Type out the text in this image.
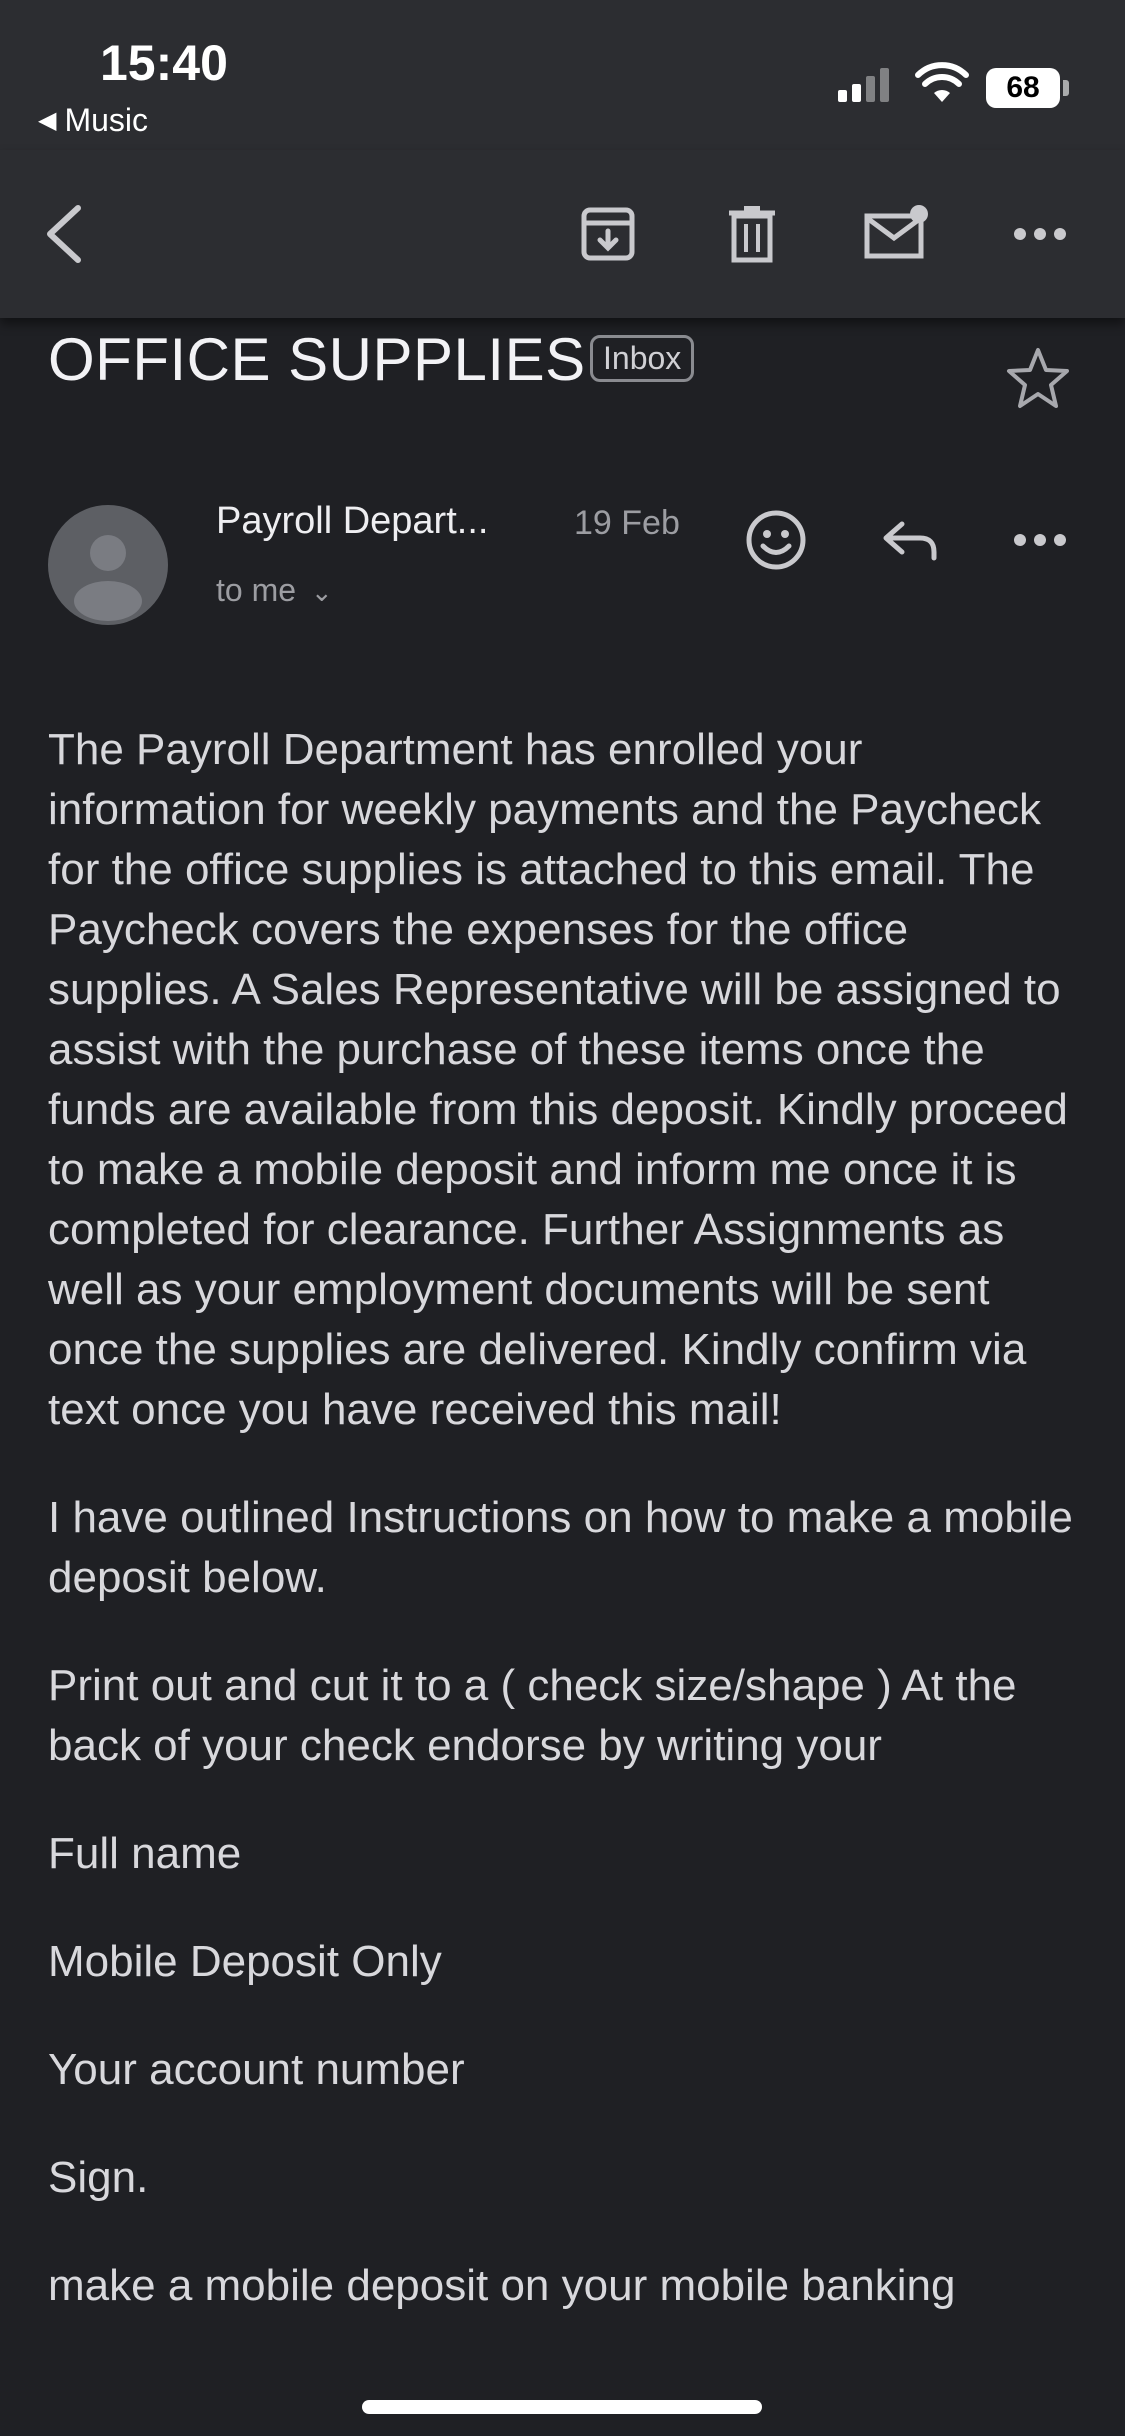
15:40
◀ Music
68
OFFICE SUPPLIES Inbox
Payroll Depart...	19 Feb
to me ⌄

The Payroll Department has enrolled your information for weekly payments and the Paycheck for the office supplies is attached to this email. The Paycheck covers the expenses for the office supplies. A Sales Representative will be assigned to assist with the purchase of these items once the funds are available from this deposit. Kindly proceed to make a mobile deposit and inform me once it is completed for clearance. Further Assignments as well as your employment documents will be sent once the supplies are delivered. Kindly confirm via text once you have received this mail!

I have outlined Instructions on how to make a mobile deposit below.

Print out and cut it to a ( check size/shape ) At the back of your check endorse by writing your

Full name

Mobile Deposit Only

Your account number

Sign.

make a mobile deposit on your mobile banking
